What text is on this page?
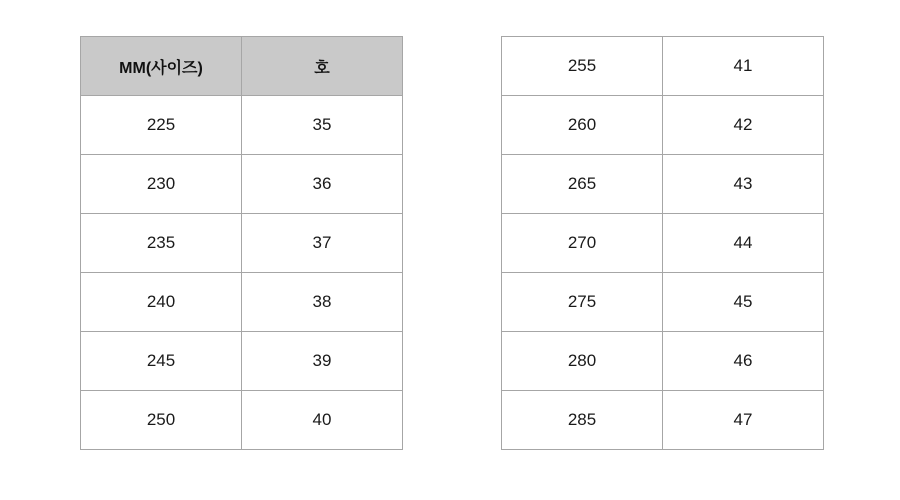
MM(사이즈)	호
225	35
230	36
235	37
240	38
245	39
250	40
255	41
260	42
265	43
270	44
275	45
280	46
285	47
